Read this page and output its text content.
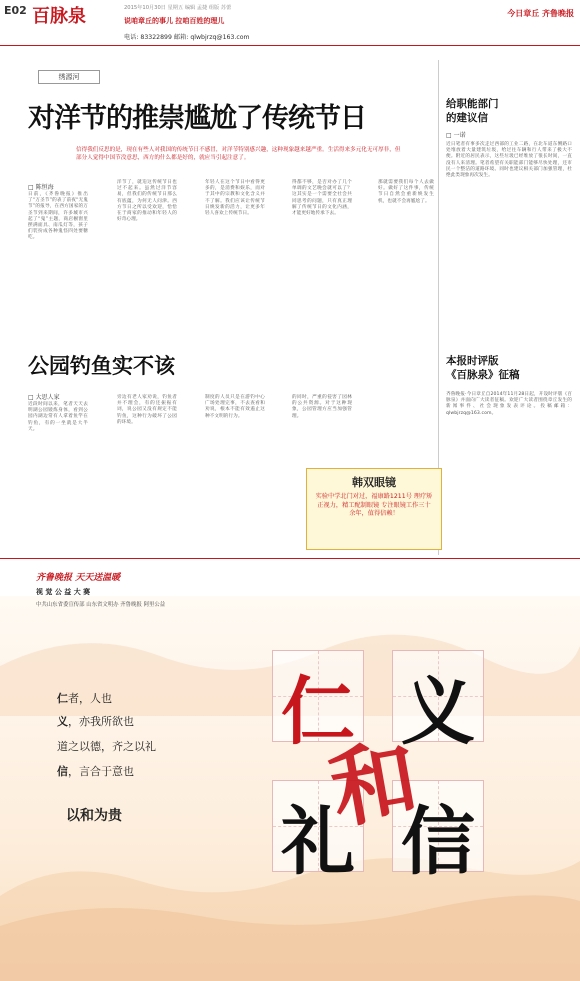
E02 百脉泉	2015年10月30日 星期五 编辑 孟捷 组版 苏蕾
说咱章丘的事儿 拉咱百姓的理儿
电话: 83322899 邮箱: qlwbjrzq@163.com
今日章丘 齐鲁晚报
绣源河
对洋节的推崇尴尬了传统节日
信得我们反思的是，现在有些人对我国的传统节日不感冒，对洋节特别感兴趣，这种现象越来越严重。生活得来多元化无可厚非，但部分人觉得中国节没意思，西方的什么都是好的，就应当引起注意了。
□ 陈恒海
日前，《齐鲁晚报》推出了“万圣节”的表了前夜“无鬼节”的报导，在西方国家的万圣节到来期间，许多城市兴起了“鬼”主题，商店橱窗里摆满面具、南瓜灯等，孩子们装扮成各种鬼怪四处要糖吃。
洋节了，就迫这传统节日也过不起来。虽然过洋节容易，但我们的传统节日那么有底蕴，为何无人问津。西方节日之所以受欢迎，恰恰在于商家的推动和年轻人的好奇心理。
年轻人在这个节日中看得更多的，是消费和娱乐，而对于其中的宗教和文化含义并不了解。我们应该让传统节日焕发新的活力，让更多年轻人喜欢上传统节日。
得都不够，是否对办了几个单调的文艺晚会就可以了？这其实是一个需要全社会共同思考的问题，只有真正理解了传统节日的文化内涵，才能更好地传承下去。
那就需要我们每个人去做好。做好了这件事，传统节日自然会重新焕发生机，也就不会再尴尬了。
公园钓鱼实不该
□ 大思人家
近段时间以来，笔者天天去明湖公园锻炼身体，看到公园内湖边常有人拿着鱼竿在钓鱼，有的一坐就是大半天。
旁边有老人家劝说，钓鱼者并不理会，有的还振振有词，说公园又没有规定不能钓鱼，这种行为破坏了公园的环境。
制度的人员只是在游钓中心广场处理完事，不去查看和劝说，根本不能有效遏止这种不文明的行为。
的同时，严重的侵害了园林的公共资源。对于这种现象，公园管理方应当加强管理。
韩双眼镜
实验中学北门对过，福康路1211号 理疗矫正视力，精工配制眼镜 专注眼镜工作三十余年，值得信赖！
给职能部门
的建议信
□ 一诺
近日笔者有事多次走过西部的工业二路，在北车道东侧路口处堆放着大量建筑垃圾，给过往车辆和行人带来了极大不便。附近的居民表示，这些垃圾已经堆放了很长时间，一直没有人来清理。笔者希望有关职能部门能够尽快处理，还市民一个整洁的道路环境。同时也建议相关部门加强管理，杜绝此类现象再次发生。
本报时评版
《百脉泉》征稿
齐鲁晚报·今日章丘自2014年11月28日起，开设时评版《百脉泉》并面向广大读者征稿。欢迎广大读者围绕章丘发生的新闻事件、社会现象发表评论。投稿邮箱：qlwbjrzq@163.com。
齐鲁晚报 天天送温暖
视 觉 公 益 大 赛
中共山东省委宣传部 山东省文明办 齐鲁晚报 阿里公益
仁者，人也
义，亦我所欲也
道之以德，齐之以礼
信，言合于意也
以和为贵
仁 义
礼 信
和
